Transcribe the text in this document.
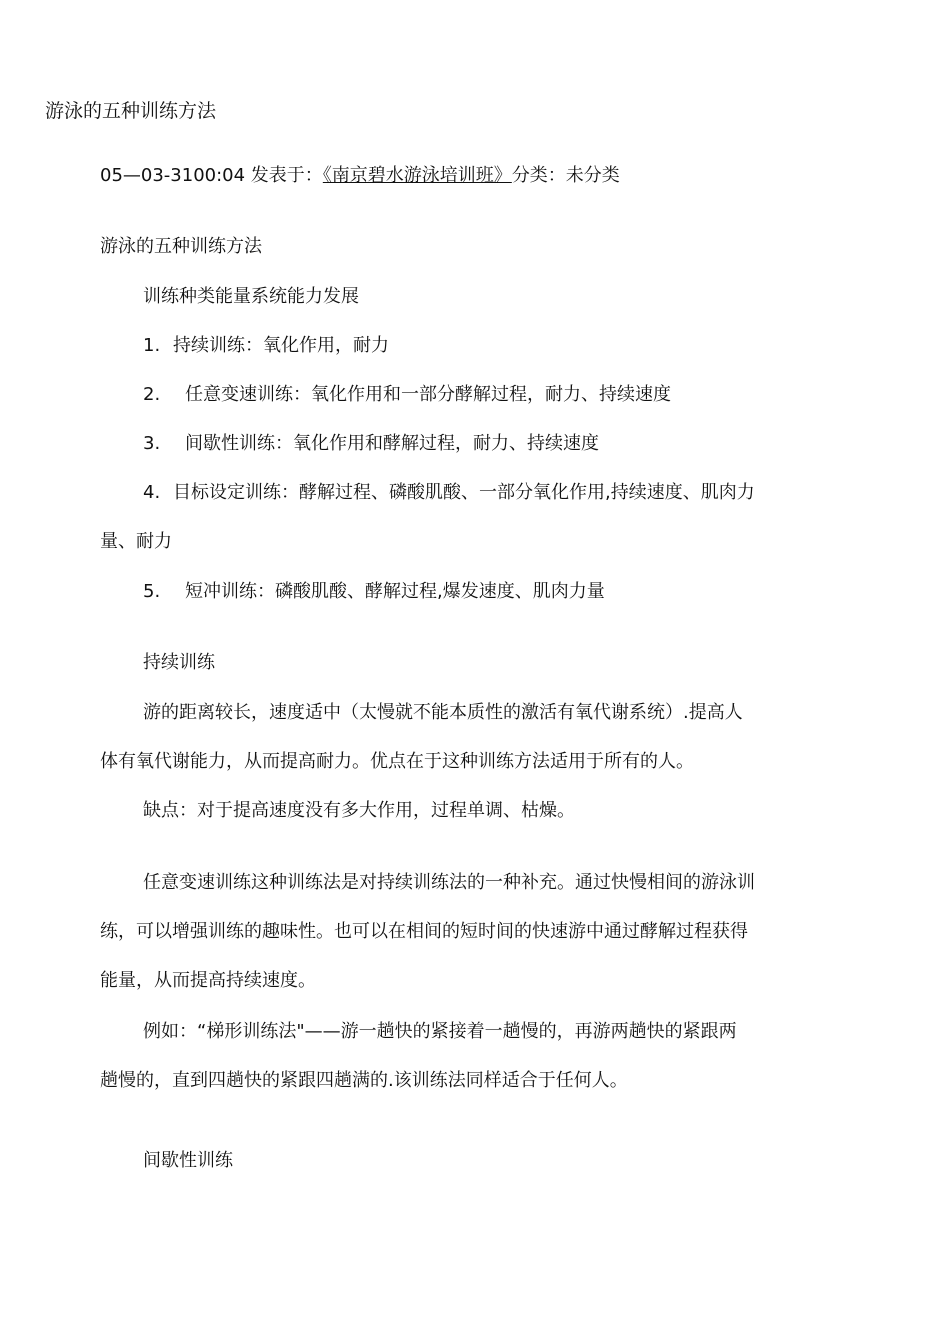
游泳的五种训练方法
05—03-3100:04 发表于：《南京碧水游泳培训班》分类：未分类
游泳的五种训练方法
训练种类能量系统能力发展
1. 持续训练：氧化作用，耐力
2. 任意变速训练：氧化作用和一部分酵解过程，耐力、持续速度
3. 间歇性训练：氧化作用和酵解过程，耐力、持续速度
4. 目标设定训练：酵解过程、磷酸肌酸、一部分氧化作用,持续速度、肌肉力
量、耐力
5. 短冲训练：磷酸肌酸、酵解过程,爆发速度、肌肉力量
持续训练
游的距离较长，速度适中（太慢就不能本质性的激活有氧代谢系统）.提高人
体有氧代谢能力，从而提高耐力。优点在于这种训练方法适用于所有的人。
缺点：对于提高速度没有多大作用，过程单调、枯燥。
任意变速训练这种训练法是对持续训练法的一种补充。通过快慢相间的游泳训
练，可以增强训练的趣味性。也可以在相间的短时间的快速游中通过酵解过程获得
能量，从而提高持续速度。
例如：“梯形训练法"——游一趟快的紧接着一趟慢的，再游两趟快的紧跟两
趟慢的，直到四趟快的紧跟四趟满的.该训练法同样适合于任何人。
间歇性训练
